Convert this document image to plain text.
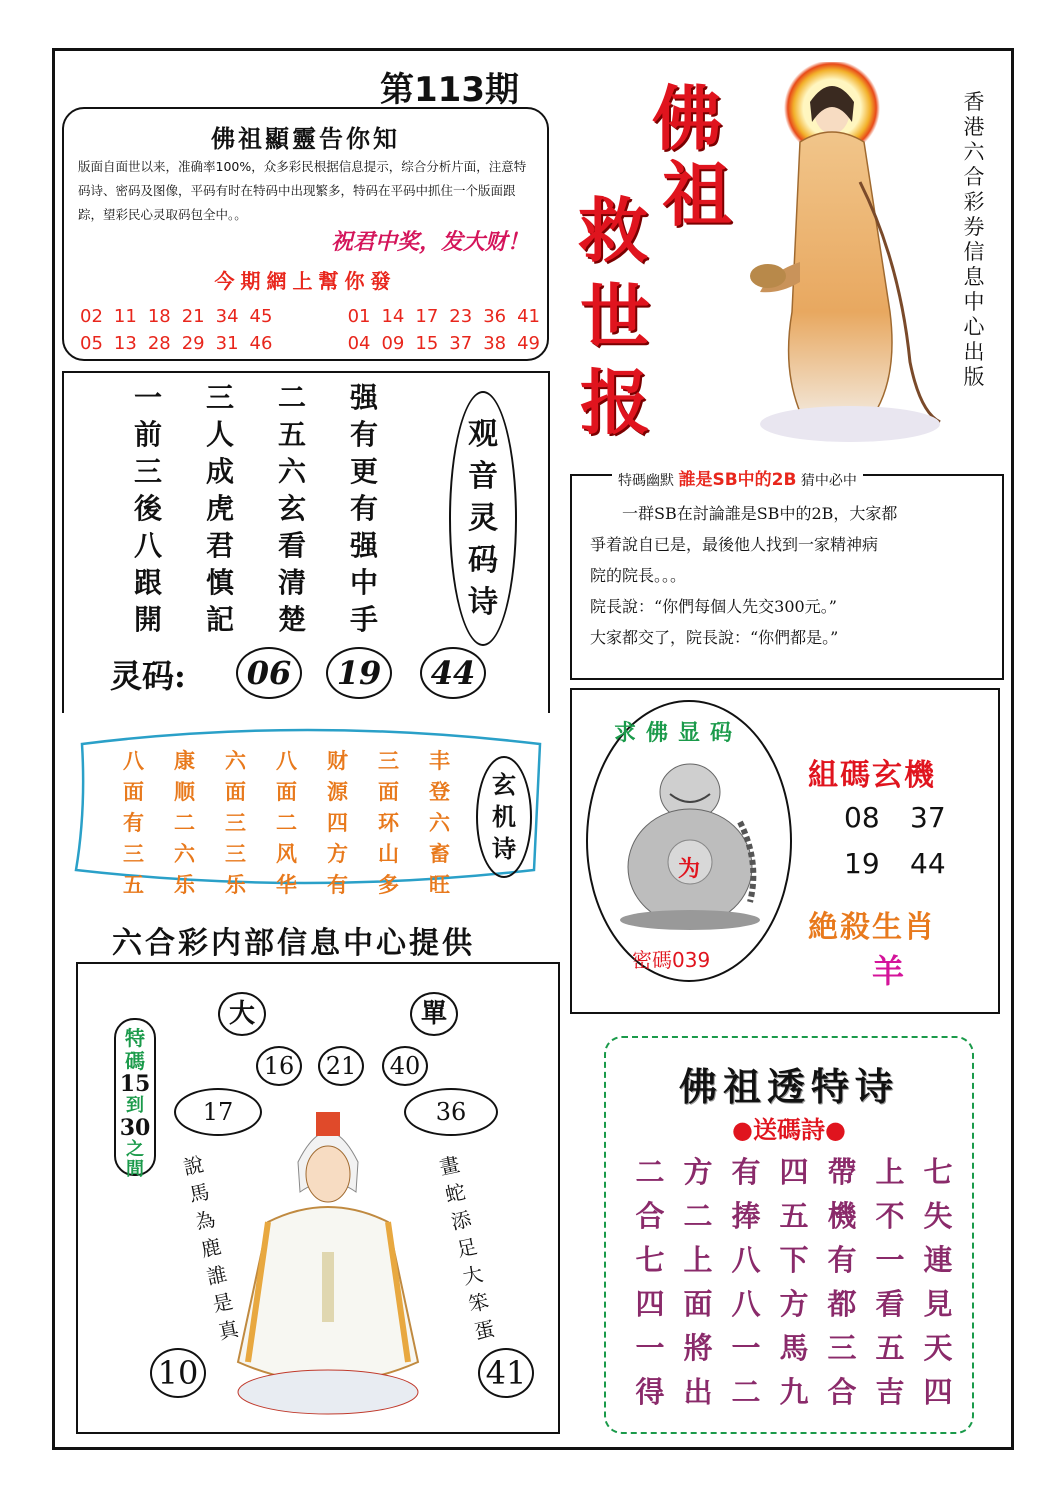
第113期
佛祖顯靈告你知
版面自面世以来，准确率100%，众多彩民根据信息提示，综合分析片面，注意特码诗、密码及图像，平码有时在特码中出现繁多，特码在平码中抓住一个版面跟踪，望彩民心灵取码包全中。。
祝君中奖，发大财！
今期網上幫你發
02 11 18 21 34 45	01 14 17 23 36 41
05 13 28 29 31 46	04 09 15 37 38 49
佛
祖
救
世
报
香港六合彩券信息中心出版
一	三	二	强
前	人	五	有
三	成	六	更
後	虎	玄	有
八	君	看	强
跟	慎	清	中
開	記	楚	手
观
音
灵
码
诗
灵码:	06	19	44
特碼幽默 誰是SB中的2B 猜中必中
一群SB在討論誰是SB中的2B，大家都
爭着說自已是，最後他人找到一家精神病
院的院長。。。
院長說：“你們每個人先交300元。”
大家都交了，院長說：“你們都是。”
求佛显码
为
密碼039
組碼玄機
08 37
19 44
絶殺生肖
羊
八	康	六	八	财	三	丰
面	顺	面	面	源	面	登
有	二	三	二	四	环	六
三	六	三	风	方	山	畜
五	乐	乐	华	有	多	旺
玄
机
诗
六合彩内部信息中心提供
特
碼
15
到
30
之
間
大	單
16	21	40
17	36
說馬為鹿誰是真
畫蛇添足大笨蛋
10	41
佛祖透特诗
●送碼詩●
二 方 有 四 帶 上 七
合 二 捧 五 機 不 失
七 上 八 下 有 一 連
四 面 八 方 都 看 見
一 將 一 馬 三 五 天
得 出 二 九 合 吉 四
